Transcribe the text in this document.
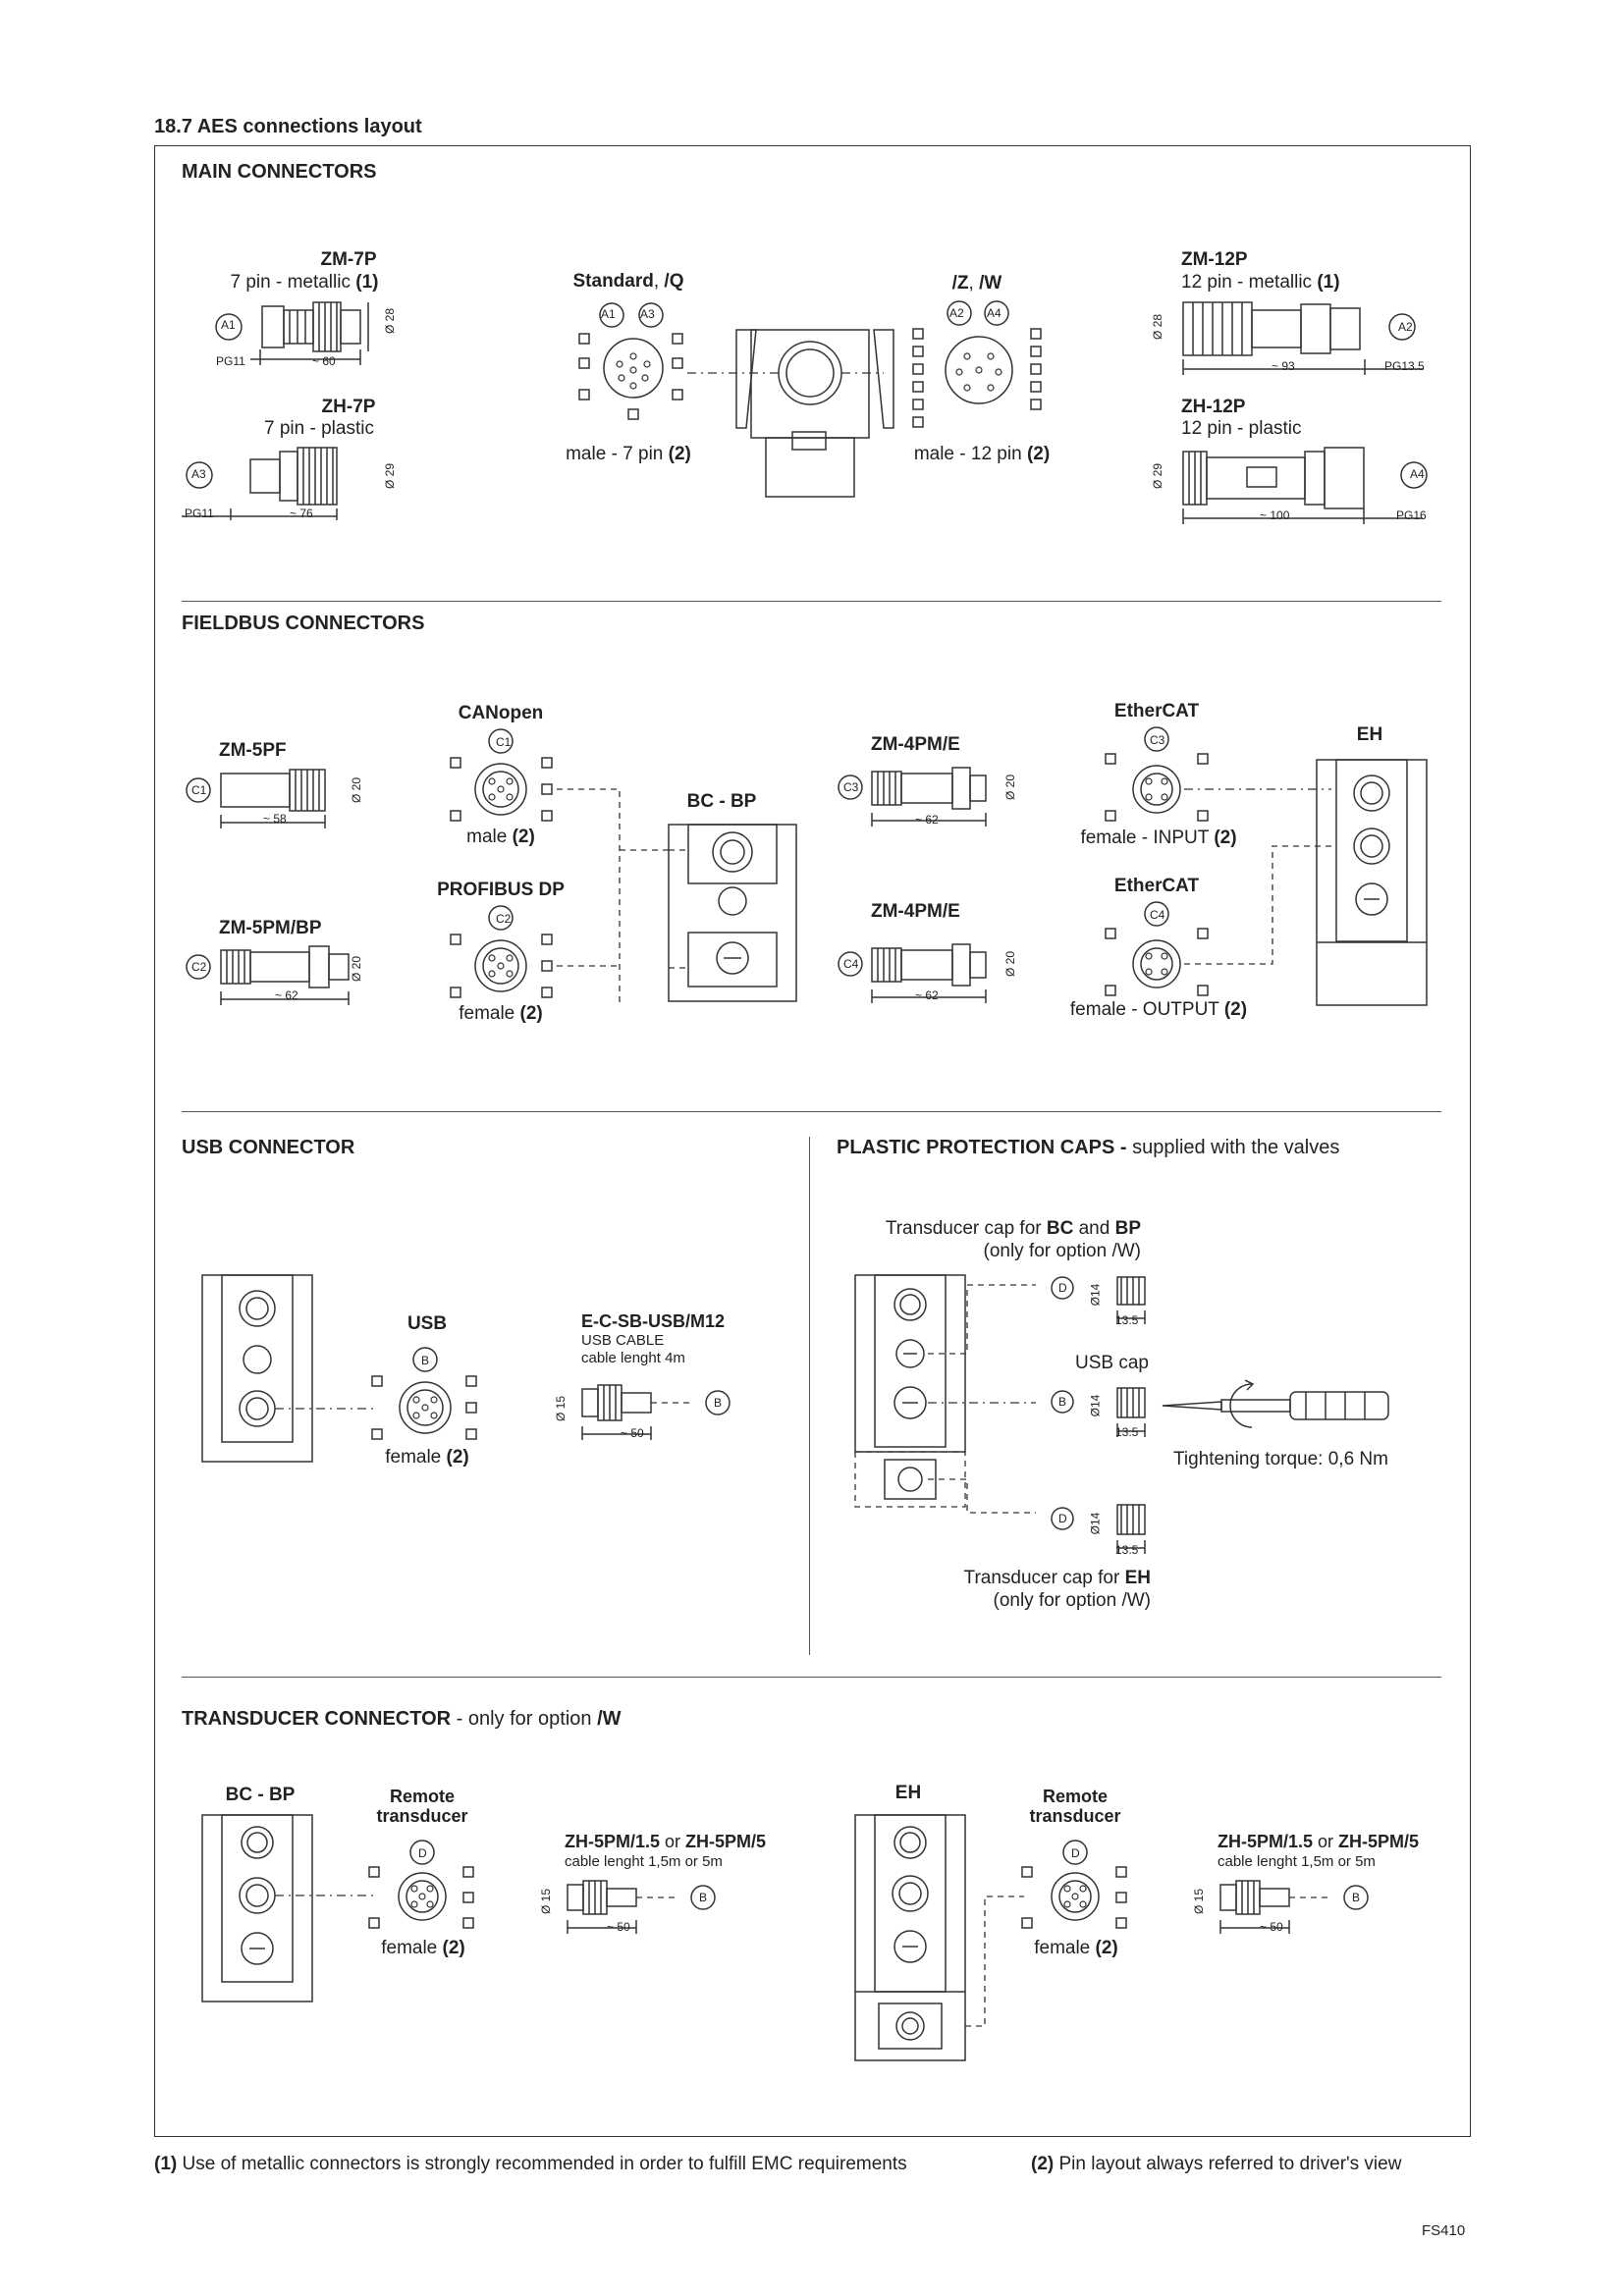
18.7 AES connections layout
MAIN CONNECTORS
ZM-7P
7 pin - metallic (1)
A1
PG11	~ 60
Ø 28
ZH-7P
7 pin - plastic
A3
PG11	~ 76
Ø 29
Standard, /Q
A1 A3
male - 7 pin (2)
/Z, /W
A2 A4
male - 12 pin (2)
ZM-12P
12 pin - metallic (1)
A2
~ 93	PG13.5
Ø 28
ZH-12P
12 pin - plastic
A4
~ 100	PG16
Ø 29
FIELDBUS CONNECTORS
ZM-5PF
C1
~ 58
Ø 20
ZM-5PM/BP
C2
~ 62
Ø 20
CANopen
C1
male (2)
PROFIBUS DP
C2
female (2)
BC - BP
ZM-4PM/E
C3
~ 62
Ø 20
ZM-4PM/E
C4
~ 62
Ø 20
EtherCAT
C3
female - INPUT (2)
EtherCAT
C4
female - OUTPUT (2)
EH
USB CONNECTOR
USB
B
female (2)
E-C-SB-USB/M12
USB CABLE
cable lenght 4m
B
~ 50
Ø 15
PLASTIC PROTECTION CAPS - supplied with the valves
Transducer cap for BC and BP
(only for option /W)
D
13.5
Ø14
USB cap
B
13.5
Ø14
Tightening torque: 0,6 Nm
D
13.5
Ø14
Transducer cap for EH
(only for option /W)
TRANSDUCER CONNECTOR - only for option /W
BC - BP	Remote
transducer
D
female (2)
ZH-5PM/1.5 or ZH-5PM/5
cable lenght 1,5m or 5m
B
~ 50
Ø 15
EH	Remote
transducer
D
female (2)
ZH-5PM/1.5 or ZH-5PM/5
cable lenght 1,5m or 5m
B
~ 50
Ø 15
(1) Use of metallic connectors is strongly recommended in order to fulfill EMC requirements	(2) Pin layout always referred to driver's view
FS410
